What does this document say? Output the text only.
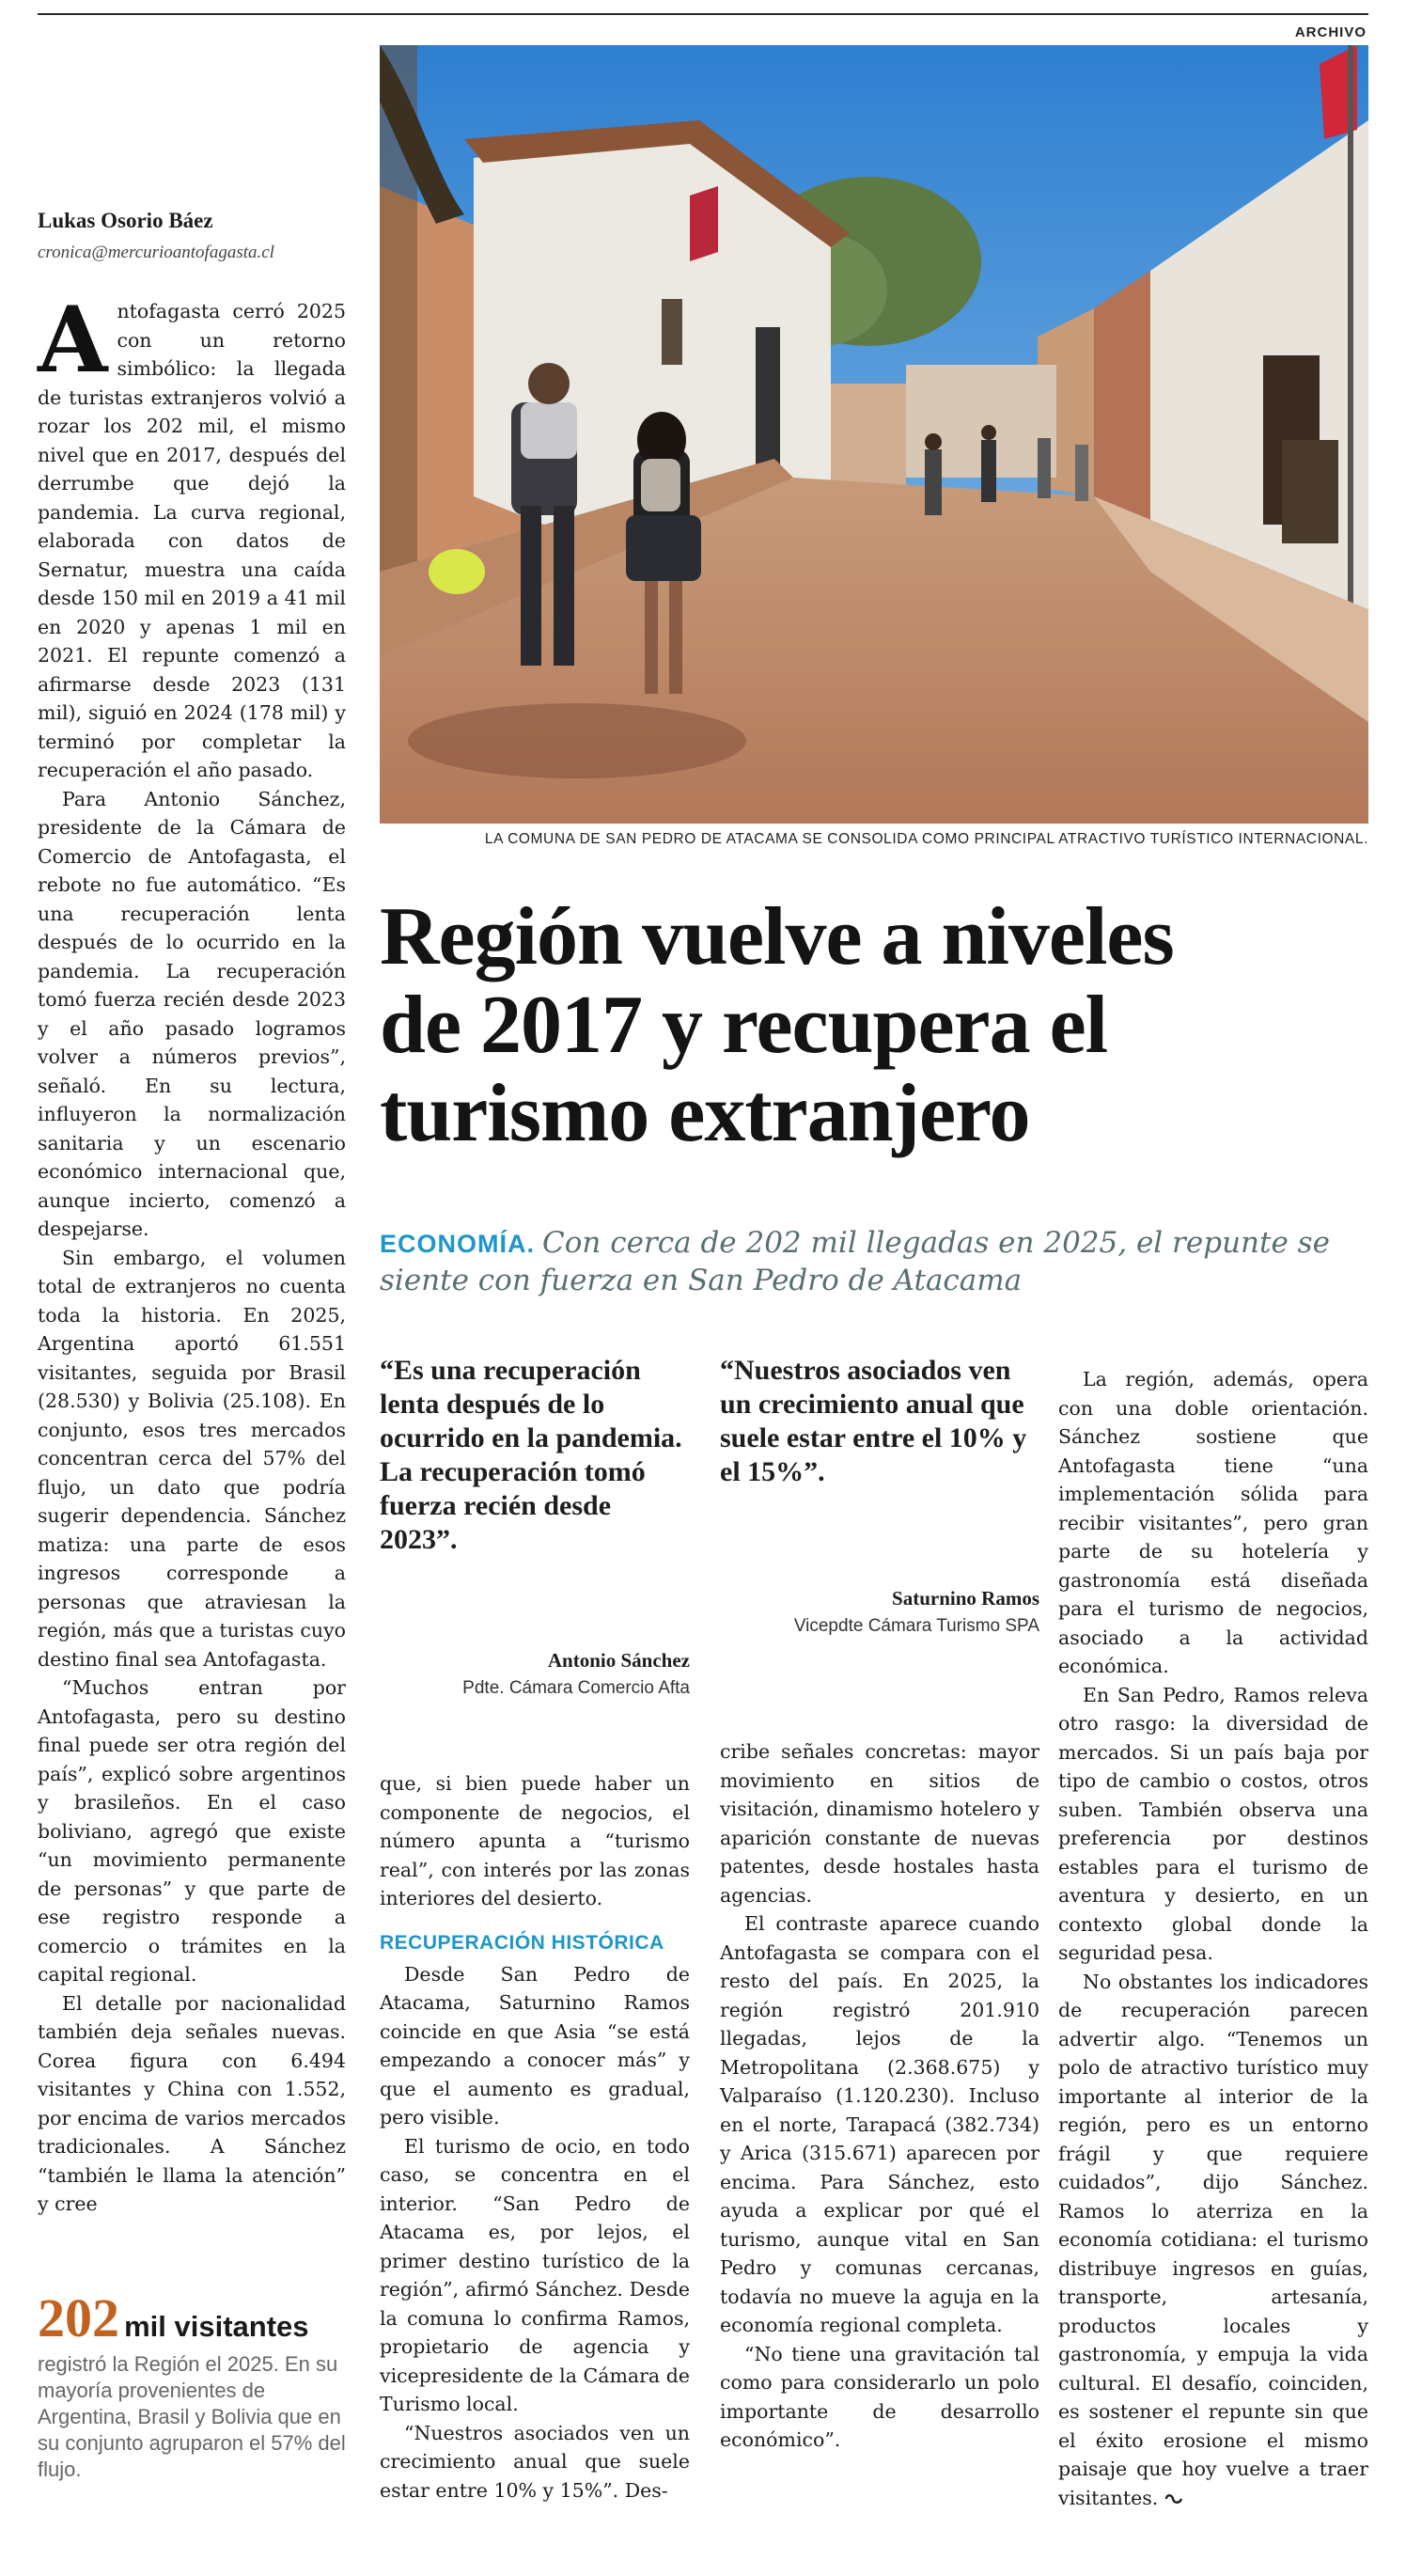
ARCHIVO
LA COMUNA DE SAN PEDRO DE ATACAMA SE CONSOLIDA COMO PRINCIPAL ATRACTIVO TURÍSTICO INTERNACIONAL.
Lukas Osorio Báez
cronica@mercurioantofagasta.cl

Antofagasta cerró 2025 con un retorno simbólico: la llegada de turistas extranjeros volvió a rozar los 202 mil, el mismo nivel que en 2017, después del derrumbe que dejó la pandemia. La curva regional, elaborada con datos de Sernatur, muestra una caída desde 150 mil en 2019 a 41 mil en 2020 y apenas 1 mil en 2021. El repunte comenzó a afirmarse desde 2023 (131 mil), siguió en 2024 (178 mil) y terminó por completar la recuperación el año pasado.

Para Antonio Sánchez, presidente de la Cámara de Comercio de Antofagasta, el rebote no fue automático. “Es una recuperación lenta después de lo ocurrido en la pandemia. La recuperación tomó fuerza recién desde 2023 y el año pasado logramos volver a números previos”, señaló. En su lectura, influyeron la normalización sanitaria y un escenario económico internacional que, aunque incierto, comenzó a despejarse.

Sin embargo, el volumen total de extranjeros no cuenta toda la historia. En 2025, Argentina aportó 61.551 visitantes, seguida por Brasil (28.530) y Bolivia (25.108). En conjunto, esos tres mercados concentran cerca del 57% del flujo, un dato que podría sugerir dependencia. Sánchez matiza: una parte de esos ingresos corresponde a personas que atraviesan la región, más que a turistas cuyo destino final sea Antofagasta.

“Muchos entran por Antofagasta, pero su destino final puede ser otra región del país”, explicó sobre argentinos y brasileños. En el caso boliviano, agregó que existe “un movimiento permanente de personas” y que parte de ese registro responde a comercio o trámites en la capital regional.

El detalle por nacionalidad también deja señales nuevas. Corea figura con 6.494 visitantes y China con 1.552, por encima de varios mercados tradicionales. A Sánchez “también le llama la atención” y cree

202 mil visitantes
registró la Región el 2025. En su mayoría provenientes de Argentina, Brasil y Bolivia que en su conjunto agruparon el 57% del flujo.
Región vuelve a niveles
de 2017 y recupera el
turismo extranjero
ECONOMÍA. Con cerca de 202 mil llegadas en 2025, el repunte se siente con fuerza en San Pedro de Atacama
“Es una recuperación lenta después de lo ocurrido en la pandemia. La recuperación tomó fuerza recién desde 2023”.
Antonio Sánchez
Pdte. Cámara Comercio Afta
“Nuestros asociados ven un crecimiento anual que suele estar entre el 10% y el 15%”.
Saturnino Ramos
Vicepdte Cámara Turismo SPA

que, si bien puede haber un componente de negocios, el número apunta a “turismo real”, con interés por las zonas interiores del desierto.

RECUPERACIÓN HISTÓRICA

Desde San Pedro de Atacama, Saturnino Ramos coincide en que Asia “se está empezando a conocer más” y que el aumento es gradual, pero visible.

El turismo de ocio, en todo caso, se concentra en el interior. “San Pedro de Atacama es, por lejos, el primer destino turístico de la región”, afirmó Sánchez. Desde la comuna lo confirma Ramos, propietario de agencia y vicepresidente de la Cámara de Turismo local.

“Nuestros asociados ven un crecimiento anual que suele estar entre 10% y 15%”. Des-

cribe señales concretas: mayor movimiento en sitios de visitación, dinamismo hotelero y aparición constante de nuevas patentes, desde hostales hasta agencias.

El contraste aparece cuando Antofagasta se compara con el resto del país. En 2025, la región registró 201.910 llegadas, lejos de la Metropolitana (2.368.675) y Valparaíso (1.120.230). Incluso en el norte, Tarapacá (382.734) y Arica (315.671) aparecen por encima. Para Sánchez, esto ayuda a explicar por qué el turismo, aunque vital en San Pedro y comunas cercanas, todavía no mueve la aguja en la economía regional completa.

“No tiene una gravitación tal como para considerarlo un polo importante de desarrollo económico”.

La región, además, opera con una doble orientación. Sánchez sostiene que Antofagasta tiene “una implementación sólida para recibir visitantes”, pero gran parte de su hotelería y gastronomía está diseñada para el turismo de negocios, asociado a la actividad económica.

En San Pedro, Ramos releva otro rasgo: la diversidad de mercados. Si un país baja por tipo de cambio o costos, otros suben. También observa una preferencia por destinos estables para el turismo de aventura y desierto, en un contexto global donde la seguridad pesa.

No obstantes los indicadores de recuperación parecen advertir algo. “Tenemos un polo de atractivo turístico muy importante al interior de la región, pero es un entorno frágil y que requiere cuidados”, dijo Sánchez. Ramos lo aterriza en la economía cotidiana: el turismo distribuye ingresos en guías, transporte, artesanía, productos locales y gastronomía, y empuja la vida cultural. El desafío, coinciden, es sostener el repunte sin que el éxito erosione el mismo paisaje que hoy vuelve a traer visitantes.
